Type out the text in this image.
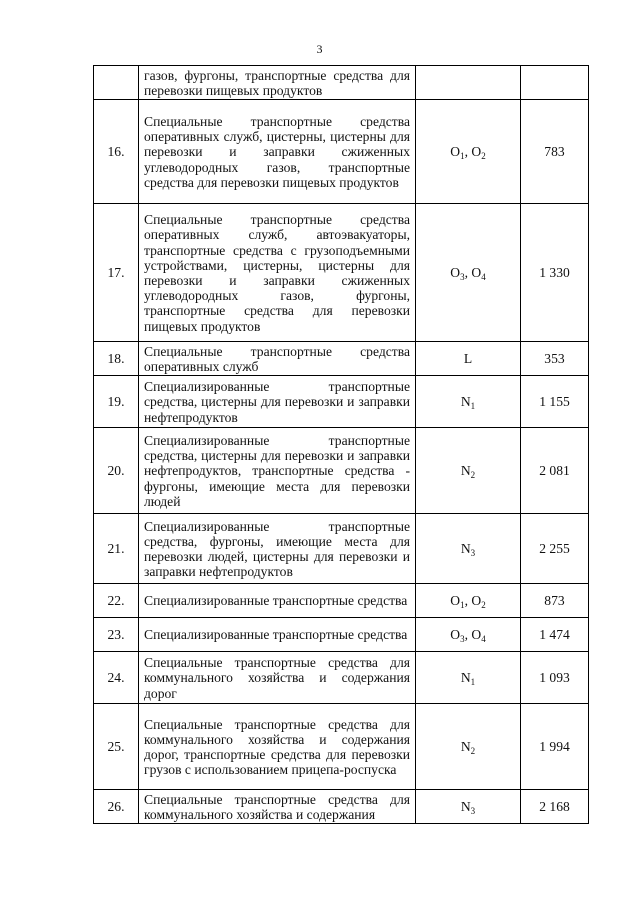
3
	газов, фургоны, транспортные средства для перевозки пищевых продуктов		
16.	Специальные транспортные средства оперативных служб, цистерны, цистерны для перевозки и заправки сжиженных углеводородных газов, транспортные средства для перевозки пищевых продуктов	$O_1$, $O_2$	783
17.	Специальные транспортные средства оперативных служб, автоэвакуаторы, транспортные средства с грузоподъемными устройствами, цистерны, цистерны для перевозки и заправки сжиженных углеводородных газов, фургоны, транспортные средства для перевозки пищевых продуктов	$O_3$, $O_4$	1 330
18.	Специальные транспортные средства оперативных служб	L	353
19.	Специализированные транспортные средства, цистерны для перевозки и заправки нефтепродуктов	$N_1$	1 155
20.	Специализированные транспортные средства, цистерны для перевозки и заправки нефтепродуктов, транспортные средства - фургоны, имеющие места для перевозки людей	$N_2$	2 081
21.	Специализированные транспортные средства, фургоны, имеющие места для перевозки людей, цистерны для перевозки и заправки нефтепродуктов	$N_3$	2 255
22.	Специализированные транспортные средства	$O_1$, $O_2$	873
23.	Специализированные транспортные средства	$O_3$, $O_4$	1 474
24.	Специальные транспортные средства для коммунального хозяйства и содержания дорог	$N_1$	1 093
25.	Специальные транспортные средства для коммунального хозяйства и содержания дорог, транспортные средства для перевозки грузов с использованием прицепа-роспуска	$N_2$	1 994
26.	Специальные транспортные средства для коммунального хозяйства и содержания	$N_3$	2 168
